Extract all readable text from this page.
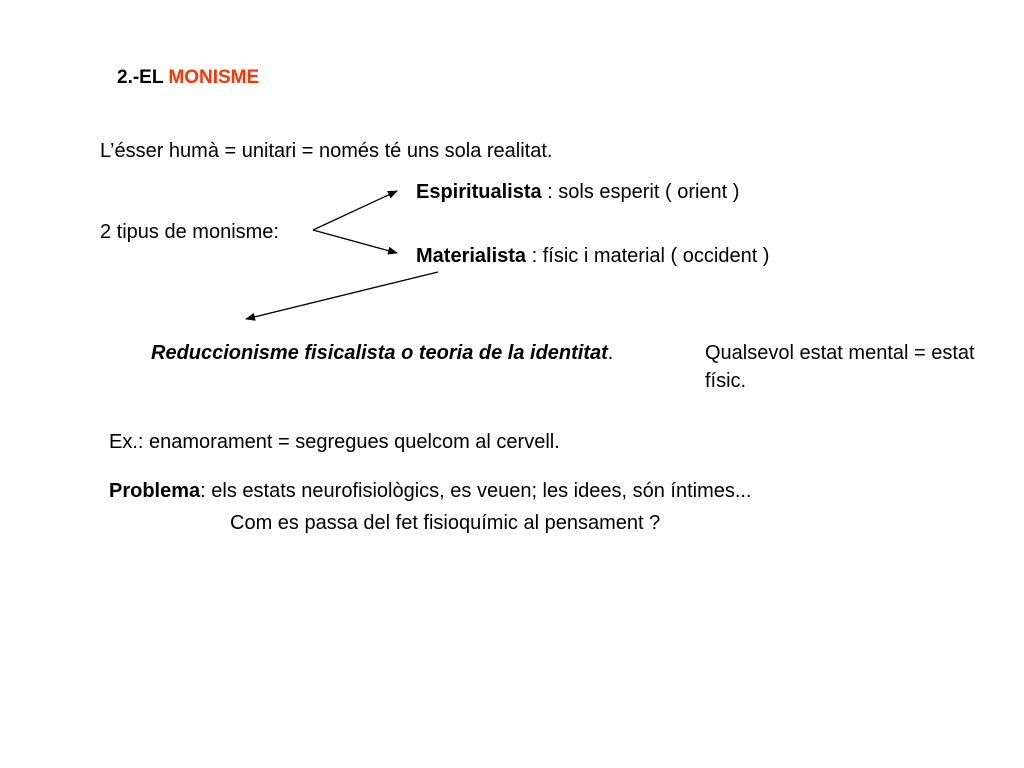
2.-EL MONISME
L’ésser humà = unitari = només té uns sola realitat.
Espiritualista : sols esperit ( orient )
2 tipus de monisme:
Materialista : físic i material ( occident )
Reduccionisme fisicalista o teoria de la identitat.	Qualsevol estat mental = estat
físic.
Ex.: enamorament = segregues quelcom al cervell.
Problema: els estats neurofisiològics, es veuen; les idees, són íntimes...
Com es passa del fet fisioquímic al pensament ?
